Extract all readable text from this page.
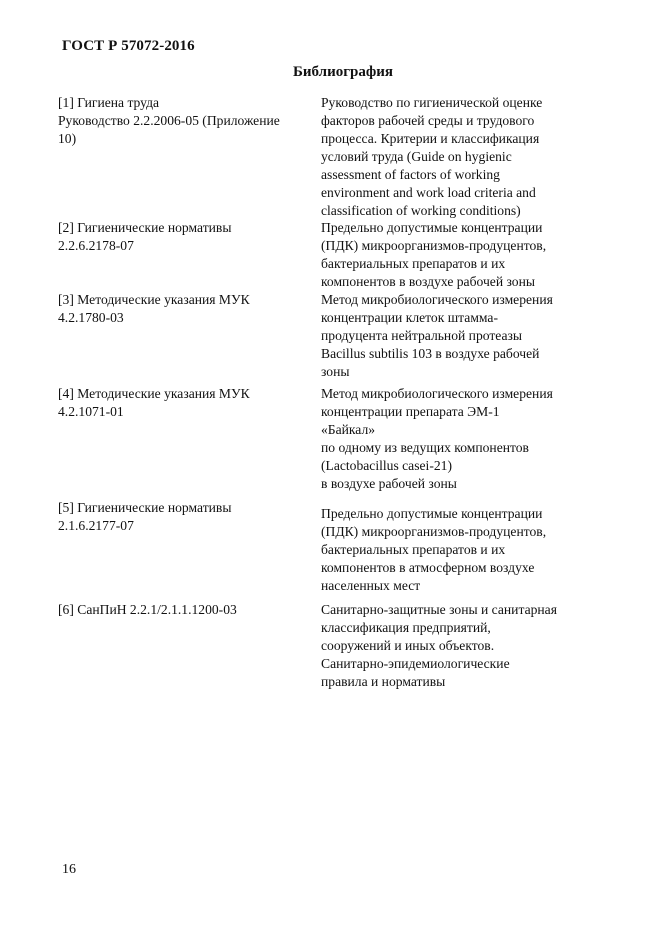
ГОСТ Р 57072-2016
Библиография
[1] Гигиена труда
Руководство 2.2.2006-05 (Приложение
10)
Руководство по гигиенической оценке
факторов рабочей среды и трудового
процесса. Критерии и классификация
условий труда (Guide on hygienic
assessment of factors of working
environment and work load criteria and
classification of working conditions)
[2] Гигиенические нормативы
2.2.6.2178-07
Предельно допустимые концентрации
(ПДК) микроорганизмов-продуцентов,
бактериальных препаратов и их
компонентов в воздухе рабочей зоны
[3] Методические указания МУК
4.2.1780-03
Метод микробиологического измерения
концентрации клеток штамма-
продуцента нейтральной протеазы
Bacillus subtilis 103 в воздухе рабочей
зоны
[4] Методические указания МУК
4.2.1071-01
Метод микробиологического измерения
концентрации препарата ЭМ-1
«Байкал»
по одному из ведущих компонентов
(Lactobacillus casei-21)
в воздухе рабочей зоны
[5] Гигиенические нормативы
2.1.6.2177-07
Предельно допустимые концентрации
(ПДК) микроорганизмов-продуцентов,
бактериальных препаратов и их
компонентов в атмосферном воздухе
населенных мест
[6] СанПиН 2.2.1/2.1.1.1200-03	Санитарно-защитные зоны и санитарная
классификация предприятий,
сооружений и иных объектов.
Санитарно-эпидемиологические
правила и нормативы
16
